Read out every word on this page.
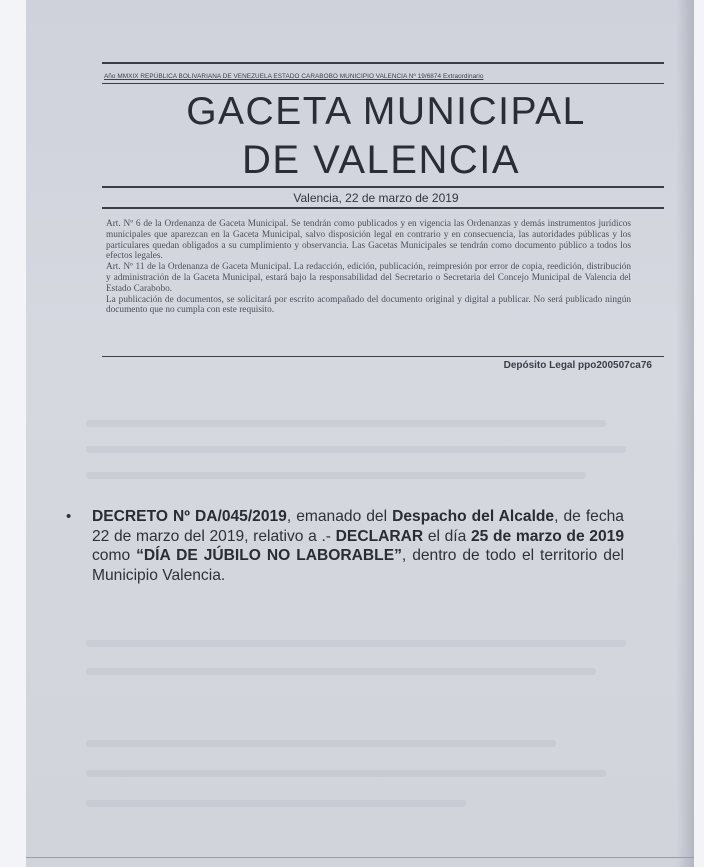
Año MMXIX REPÚBLICA BOLIVARIANA DE VENEZUELA ESTADO CARABOBO MUNICIPIO VALENCIA Nº 19/6874 Extraordinario
GACETA MUNICIPAL
DE VALENCIA
Valencia, 22 de marzo de 2019

Art. Nº 6 de la Ordenanza de Gaceta Municipal. Se tendrán como publicados y en vigencia las Ordenanzas y demás instrumentos jurídicos municipales que aparezcan en la Gaceta Municipal, salvo disposición legal en contrario y en consecuencia, las autoridades públicas y los particulares quedan obligados a su cumplimiento y observancia. Las Gacetas Municipales se tendrán como documento público a todos los efectos legales.

Art. Nº 11 de la Ordenanza de Gaceta Municipal. La redacción, edición, publicación, reimpresión por error de copia, reedición, distribución y administración de la Gaceta Municipal, estará bajo la responsabilidad del Secretario o Secretaria del Concejo Municipal de Valencia del Estado Carabobo.

La publicación de documentos, se solicitará por escrito acompañado del documento original y digital a publicar. No será publicado ningún documento que no cumpla con este requisito.

Depósito Legal ppo200507ca76
•	DECRETO Nº DA/045/2019, emanado del Despacho del Alcalde, de fecha 22 de marzo del 2019, relativo a .- DECLARAR el día 25 de marzo de 2019 como “DÍA DE JÚBILO NO LABORABLE”, dentro de todo el territorio del Municipio Valencia.
